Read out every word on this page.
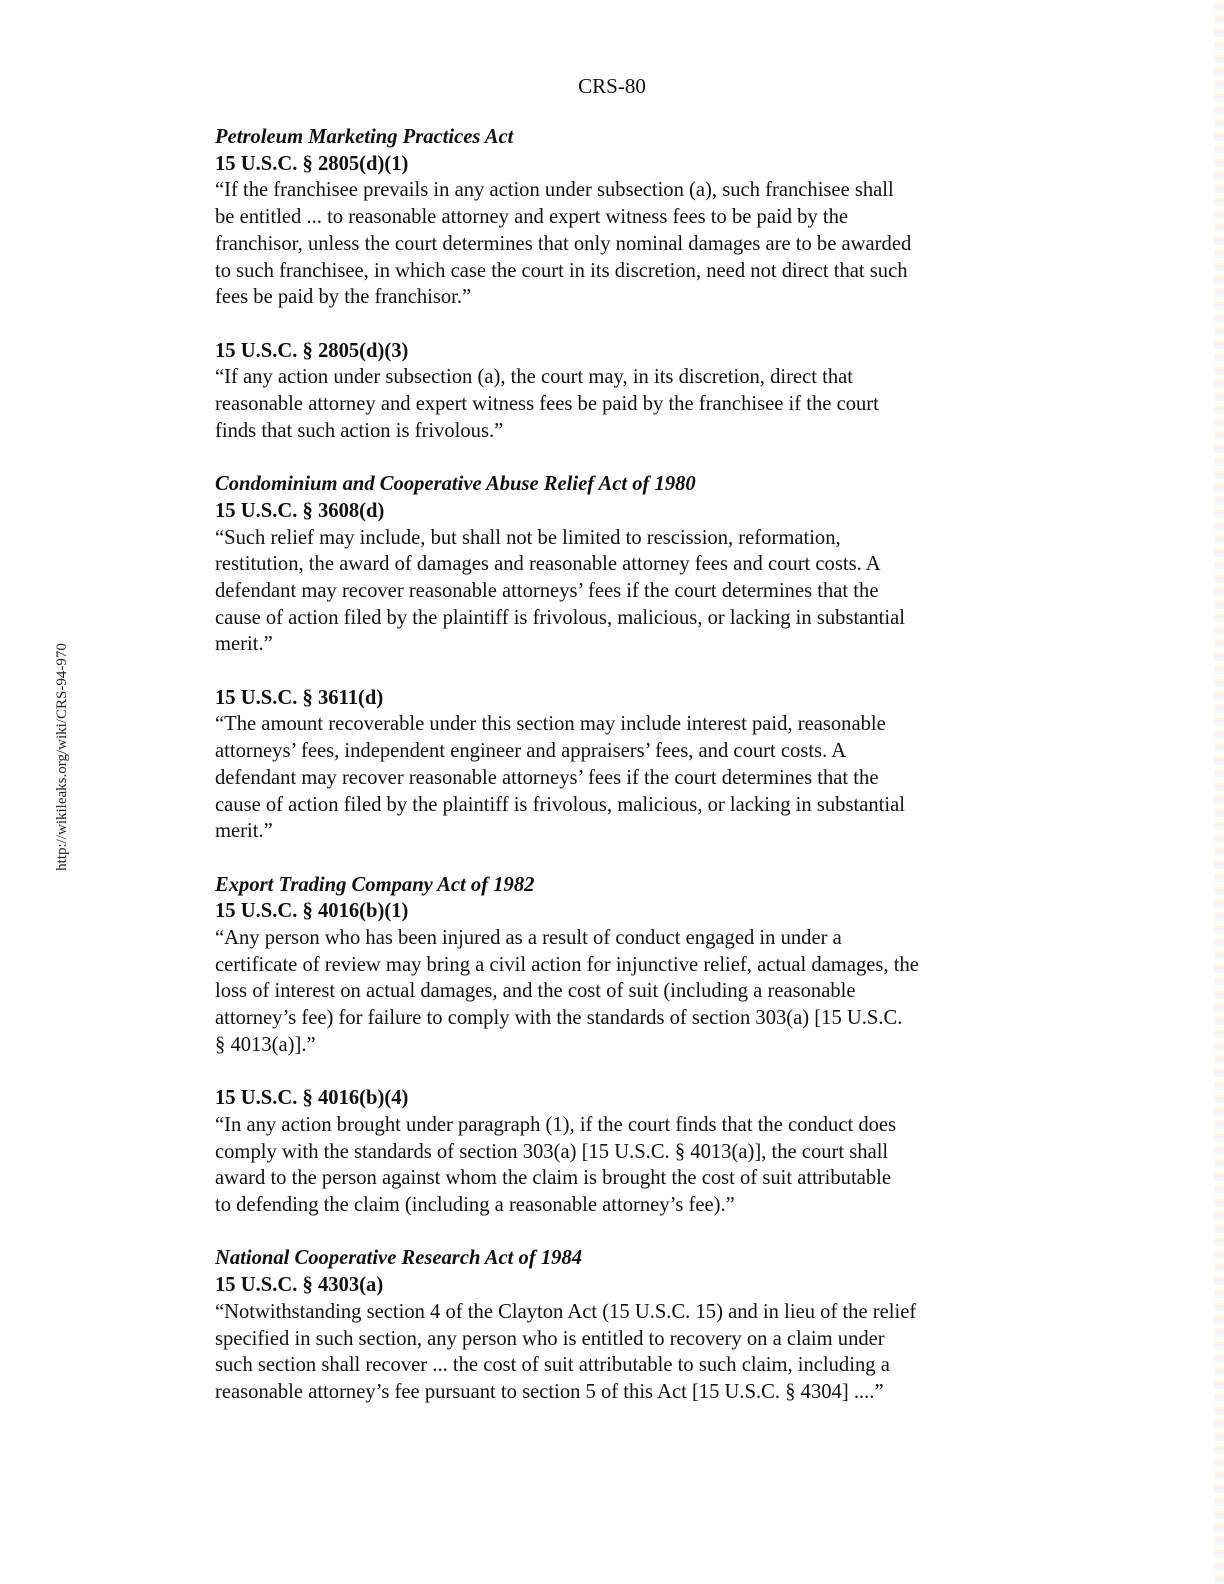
CRS-80
http://wikileaks.org/wiki/CRS-94-970

Petroleum Marketing Practices Act

15 U.S.C. § 2805(d)(1)

“If the franchisee prevails in any action under subsection (a), such franchisee shall
be entitled ... to reasonable attorney and expert witness fees to be paid by the
franchisor, unless the court determines that only nominal damages are to be awarded
to such franchisee, in which case the court in its discretion, need not direct that such
fees be paid by the franchisor.”

15 U.S.C. § 2805(d)(3)

“If any action under subsection (a), the court may, in its discretion, direct that
reasonable attorney and expert witness fees be paid by the franchisee if the court
finds that such action is frivolous.”

Condominium and Cooperative Abuse Relief Act of 1980

15 U.S.C. § 3608(d)

“Such relief may include, but shall not be limited to rescission, reformation,
restitution, the award of damages and reasonable attorney fees and court costs. A
defendant may recover reasonable attorneys’ fees if the court determines that the
cause of action filed by the plaintiff is frivolous, malicious, or lacking in substantial
merit.”

15 U.S.C. § 3611(d)

“The amount recoverable under this section may include interest paid, reasonable
attorneys’ fees, independent engineer and appraisers’ fees, and court costs. A
defendant may recover reasonable attorneys’ fees if the court determines that the
cause of action filed by the plaintiff is frivolous, malicious, or lacking in substantial
merit.”

Export Trading Company Act of 1982

15 U.S.C. § 4016(b)(1)

“Any person who has been injured as a result of conduct engaged in under a
certificate of review may bring a civil action for injunctive relief, actual damages, the
loss of interest on actual damages, and the cost of suit (including a reasonable
attorney’s fee) for failure to comply with the standards of section 303(a) [15 U.S.C.
§ 4013(a)].”

15 U.S.C. § 4016(b)(4)

“In any action brought under paragraph (1), if the court finds that the conduct does
comply with the standards of section 303(a) [15 U.S.C. § 4013(a)], the court shall
award to the person against whom the claim is brought the cost of suit attributable
to defending the claim (including a reasonable attorney’s fee).”

National Cooperative Research Act of 1984

15 U.S.C. § 4303(a)

“Notwithstanding section 4 of the Clayton Act (15 U.S.C. 15) and in lieu of the relief
specified in such section, any person who is entitled to recovery on a claim under
such section shall recover ... the cost of suit attributable to such claim, including a
reasonable attorney’s fee pursuant to section 5 of this Act [15 U.S.C. § 4304] ....”
